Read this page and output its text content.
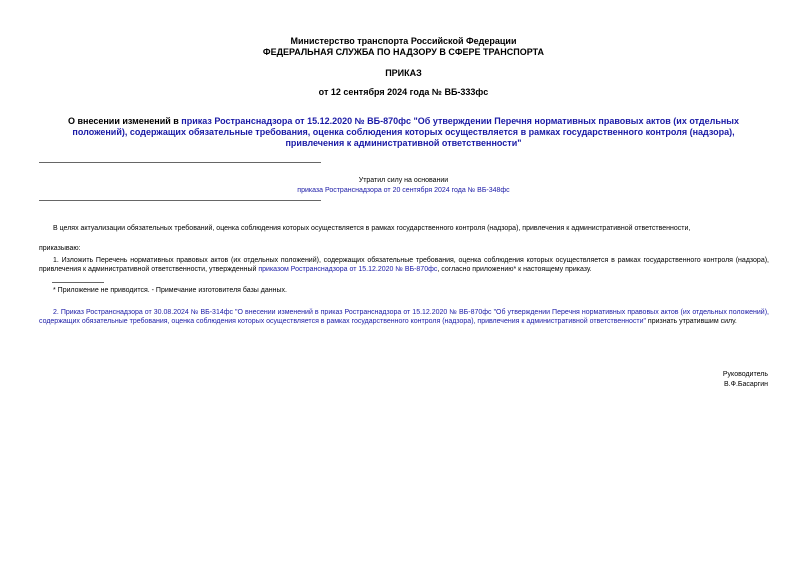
Министерство транспорта Российской Федерации
ФЕДЕРАЛЬНАЯ СЛУЖБА ПО НАДЗОРУ В СФЕРЕ ТРАНСПОРТА
ПРИКАЗ
от 12 сентября 2024 года № ВБ-333фс
О внесении изменений в приказ Ространснадзора от 15.12.2020 № ВБ-870фс "Об утверждении Перечня нормативных правовых актов (их отдельных положений), содержащих обязательные требования, оценка соблюдения которых осуществляется в рамках государственного контроля (надзора), привлечения к административной ответственности"
Утратил силу на основании
приказа Ространснадзора от 20 сентября 2024 года № ВБ-348фс
В целях актуализации обязательных требований, оценка соблюдения которых осуществляется в рамках государственного контроля (надзора), привлечения к административной ответственности,
приказываю:
1. Изложить Перечень нормативных правовых актов (их отдельных положений), содержащих обязательные требования, оценка соблюдения которых осуществляется в рамках государственного контроля (надзора), привлечения к административной ответственности, утвержденный приказом Ространснадзора от 15.12.2020 № ВБ-870фс, согласно приложению* к настоящему приказу.
* Приложение не приводится. - Примечание изготовителя базы данных.
2. Приказ Ространснадзора от 30.08.2024 № ВБ-314фс "О внесении изменений в приказ Ространснадзора от 15.12.2020 № ВБ-870фс "Об утверждении Перечня нормативных правовых актов (их отдельных положений), содержащих обязательные требования, оценка соблюдения которых осуществляется в рамках государственного контроля (надзора), привлечения к административной ответственности" признать утратившим силу.
Руководитель
В.Ф.Басаргин
